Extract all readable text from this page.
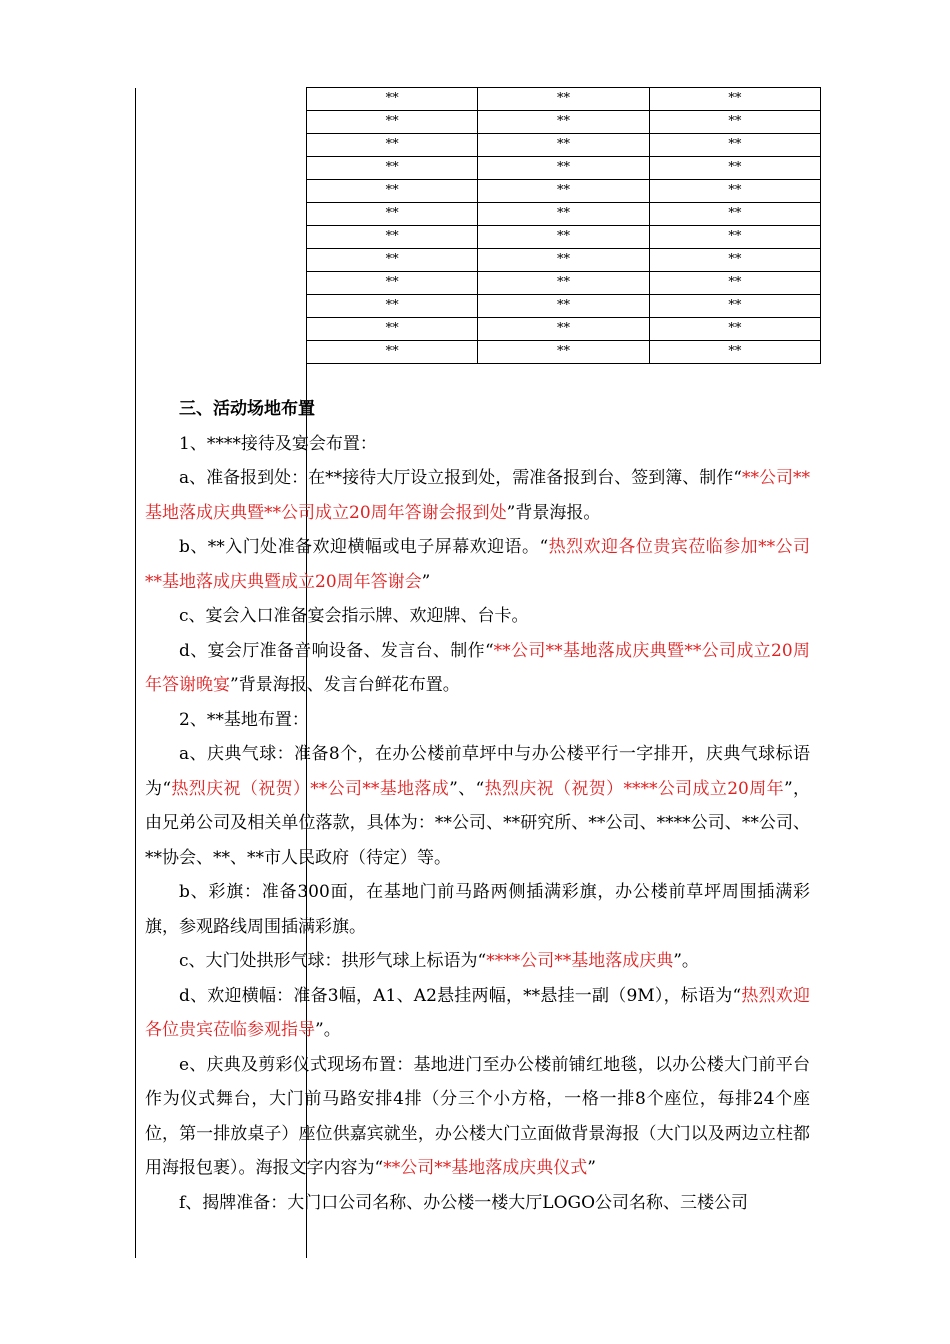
**	**	**
**	**	**
**	**	**
**	**	**
**	**	**
**	**	**
**	**	**
**	**	**
**	**	**
**	**	**
**	**	**
**	**	**

三、活动场地布置

1、****接待及宴会布置：

a、准备报到处：在**接待大厅设立报到处，需准备报到台、签到簿、制作“**公司**基地落成庆典暨**公司成立20周年答谢会报到处”背景海报。

b、**入门处准备欢迎横幅或电子屏幕欢迎语。“热烈欢迎各位贵宾莅临参加**公司**基地落成庆典暨成立20周年答谢会”

c、宴会入口准备宴会指示牌、欢迎牌、台卡。

d、宴会厅准备音响设备、发言台、制作“**公司**基地落成庆典暨**公司成立20周年答谢晚宴”背景海报、发言台鲜花布置。

2、**基地布置：

a、庆典气球：准备8个，在办公楼前草坪中与办公楼平行一字排开，庆典气球标语为“热烈庆祝（祝贺）**公司**基地落成”、“热烈庆祝（祝贺）****公司成立20周年”，由兄弟公司及相关单位落款，具体为：**公司、**研究所、**公司、****公司、**公司、**协会、**、**市人民政府（待定）等。

b、彩旗：准备300面，在基地门前马路两侧插满彩旗，办公楼前草坪周围插满彩旗，参观路线周围插满彩旗。

c、大门处拱形气球：拱形气球上标语为“****公司**基地落成庆典”。

d、欢迎横幅：准备3幅，A1、A2悬挂两幅，**悬挂一副（9M），标语为“热烈欢迎各位贵宾莅临参观指导”。

e、庆典及剪彩仪式现场布置：基地进门至办公楼前铺红地毯，以办公楼大门前平台作为仪式舞台，大门前马路安排4排（分三个小方格，一格一排8个座位，每排24个座位，第一排放桌子）座位供嘉宾就坐，办公楼大门立面做背景海报（大门以及两边立柱都用海报包裹）。海报文字内容为“**公司**基地落成庆典仪式”

f、揭牌准备：大门口公司名称、办公楼一楼大厅LOGO公司名称、三楼公司
